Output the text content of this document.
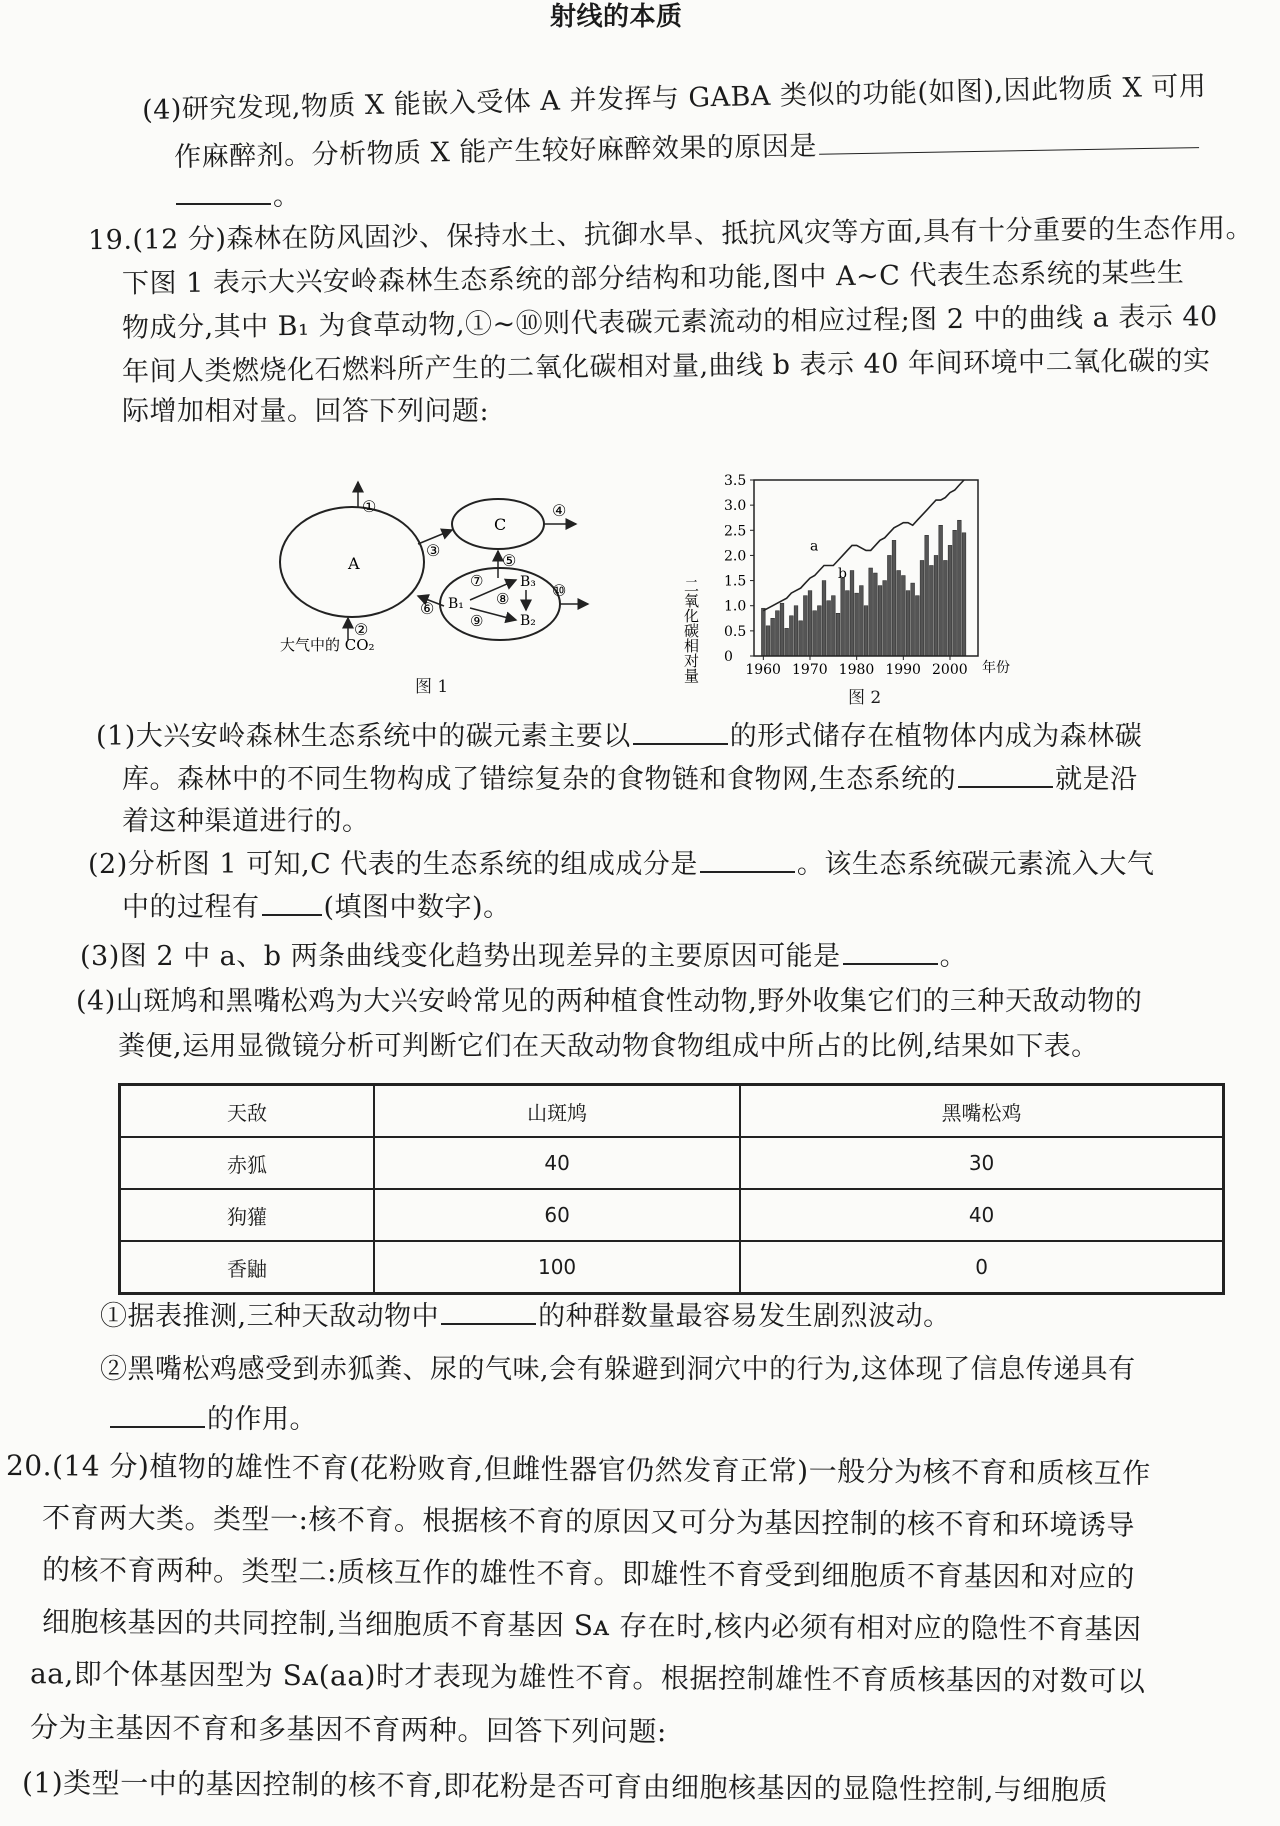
射线的本质
(4)研究发现,物质 X 能嵌入受体 A 并发挥与 GABA 类似的功能(如图),因此物质 X 可用
作麻醉剂。分析物质 X 能产生较好麻醉效果的原因是
。
19.(12 分)森林在防风固沙、保持水土、抗御水旱、抵抗风灾等方面,具有十分重要的生态作用。
下图 1 表示大兴安岭森林生态系统的部分结构和功能,图中 A~C 代表生态系统的某些生
物成分,其中 B₁ 为食草动物,①~⑩则代表碳元素流动的相应过程;图 2 中的曲线 a 表示 40
年间人类燃烧化石燃料所产生的二氧化碳相对量,曲线 b 表示 40 年间环境中二氧化碳的实
际增加相对量。回答下列问题:
A
C
B₁
B₃
B₂
①
②
③
④
⑤
⑥
⑦
⑧
⑨
⑩
大气中的 CO₂
图 1
0
0.5
1.0
1.5
2.0
2.5
3.0
3.5
1960 1970 1980 1990 2000
a
b
二氧化碳相对量	年份
图 2
(1)大兴安岭森林生态系统中的碳元素主要以	的形式储存在植物体内成为森林碳
库。森林中的不同生物构成了错综复杂的食物链和食物网,生态系统的	就是沿
着这种渠道进行的。
(2)分析图 1 可知,C 代表的生态系统的组成成分是	。该生态系统碳元素流入大气
中的过程有 (填图中数字)。
(3)图 2 中 a、b 两条曲线变化趋势出现差异的主要原因可能是	。
(4)山斑鸠和黑嘴松鸡为大兴安岭常见的两种植食性动物,野外收集它们的三种天敌动物的
粪便,运用显微镜分析可判断它们在天敌动物食物组成中所占的比例,结果如下表。
天敌	山斑鸠	黑嘴松鸡
赤狐	40	30
狗獾	60	40
香鼬	100	0
①据表推测,三种天敌动物中	的种群数量最容易发生剧烈波动。
②黑嘴松鸡感受到赤狐粪、尿的气味,会有躲避到洞穴中的行为,这体现了信息传递具有
的作用。
20.(14 分)植物的雄性不育(花粉败育,但雌性器官仍然发育正常)一般分为核不育和质核互作
不育两大类。类型一:核不育。根据核不育的原因又可分为基因控制的核不育和环境诱导
的核不育两种。类型二:质核互作的雄性不育。即雄性不育受到细胞质不育基因和对应的
细胞核基因的共同控制,当细胞质不育基因 Sᴀ 存在时,核内必须有相对应的隐性不育基因
aa,即个体基因型为 Sᴀ(aa)时才表现为雄性不育。根据控制雄性不育质核基因的对数可以
分为主基因不育和多基因不育两种。回答下列问题:
(1)类型一中的基因控制的核不育,即花粉是否可育由细胞核基因的显隐性控制,与细胞质
